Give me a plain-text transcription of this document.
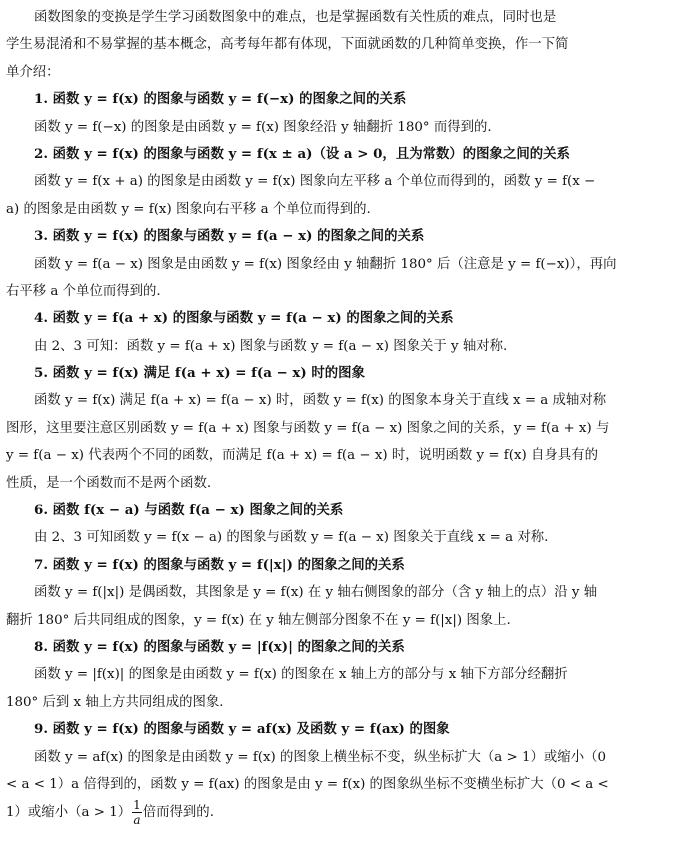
函数图象的变换是学生学习函数图象中的难点，也是掌握函数有关性质的难点，同时也是
学生易混淆和不易掌握的基本概念，高考每年都有体现，下面就函数的几种简单变换，作一下简
单介绍：
1. 函数 y = f(x) 的图象与函数 y = f(−x) 的图象之间的关系
函数 y = f(−x) 的图象是由函数 y = f(x) 图象经沿 y 轴翻折 180° 而得到的.
2. 函数 y = f(x) 的图象与函数 y = f(x ± a)（设 a > 0，且为常数）的图象之间的关系
函数 y = f(x + a) 的图象是由函数 y = f(x) 图象向左平移 a 个单位而得到的，函数 y = f(x −
a) 的图象是由函数 y = f(x) 图象向右平移 a 个单位而得到的.
3. 函数 y = f(x) 的图象与函数 y = f(a − x) 的图象之间的关系
函数 y = f(a − x) 图象是由函数 y = f(x) 图象经由 y 轴翻折 180° 后（注意是 y = f(−x)），再向
右平移 a 个单位而得到的.
4. 函数 y = f(a + x) 的图象与函数 y = f(a − x) 的图象之间的关系
由 2、3 可知：函数 y = f(a + x) 图象与函数 y = f(a − x) 图象关于 y 轴对称.
5. 函数 y = f(x) 满足 f(a + x) = f(a − x) 时的图象
函数 y = f(x) 满足 f(a + x) = f(a − x) 时，函数 y = f(x) 的图象本身关于直线 x = a 成轴对称
图形，这里要注意区别函数 y = f(a + x) 图象与函数 y = f(a − x) 图象之间的关系，y = f(a + x) 与
y = f(a − x) 代表两个不同的函数，而满足 f(a + x) = f(a − x) 时，说明函数 y = f(x) 自身具有的
性质，是一个函数而不是两个函数.
6. 函数 f(x − a) 与函数 f(a − x) 图象之间的关系
由 2、3 可知函数 y = f(x − a) 的图象与函数 y = f(a − x) 图象关于直线 x = a 对称.
7. 函数 y = f(x) 的图象与函数 y = f(|x|) 的图象之间的关系
函数 y = f(|x|) 是偶函数，其图象是 y = f(x) 在 y 轴右侧图象的部分（含 y 轴上的点）沿 y 轴
翻折 180° 后共同组成的图象，y = f(x) 在 y 轴左侧部分图象不在 y = f(|x|) 图象上.
8. 函数 y = f(x) 的图象与函数 y = |f(x)| 的图象之间的关系
函数 y = |f(x)| 的图象是由函数 y = f(x) 的图象在 x 轴上方的部分与 x 轴下方部分经翻折
180° 后到 x 轴上方共同组成的图象.
9. 函数 y = f(x) 的图象与函数 y = af(x) 及函数 y = f(ax) 的图象
函数 y = af(x) 的图象是由函数 y = f(x) 的图象上横坐标不变，纵坐标扩大（a > 1）或缩小（0
< a < 1）a 倍得到的，函数 y = f(ax) 的图象是由 y = f(x) 的图象纵坐标不变横坐标扩大（0 < a <
1）或缩小$(a > 1) \frac{1}{a}$ 倍而得到的.
